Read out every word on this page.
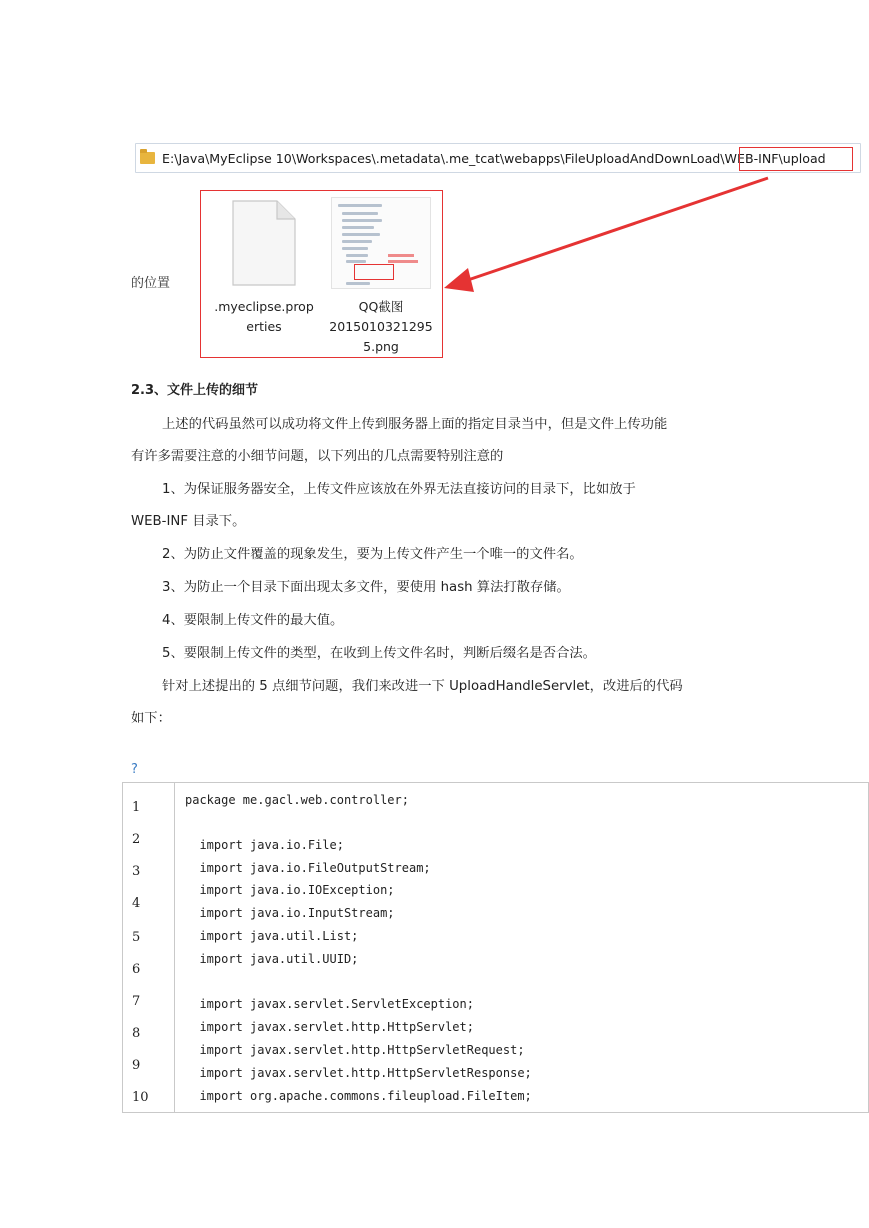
E:\Java\MyEclipse 10\Workspaces\.metadata\.me_tcat\webapps\FileUploadAndDownLoad\WEB-INF\upload
的位置
.myeclipse.prop
erties
QQ截图
2015010321295
5.png
2.3、文件上传的细节
上述的代码虽然可以成功将文件上传到服务器上面的指定目录当中，但是文件上传功能
有许多需要注意的小细节问题，以下列出的几点需要特别注意的
1、为保证服务器安全，上传文件应该放在外界无法直接访问的目录下，比如放于
WEB-INF 目录下。
2、为防止文件覆盖的现象发生，要为上传文件产生一个唯一的文件名。
3、为防止一个目录下面出现太多文件，要使用 hash 算法打散存储。
4、要限制上传文件的最大值。
5、要限制上传文件的类型，在收到上传文件名时，判断后缀名是否合法。
针对上述提出的 5 点细节问题，我们来改进一下 UploadHandleServlet，改进后的代码
如下：
?
1
2
3
4
5
6
7
8
9
10
package me.gacl.web.controller;
import java.io.File;
import java.io.FileOutputStream;
import java.io.IOException;
import java.io.InputStream;
import java.util.List;
import java.util.UUID;
import javax.servlet.ServletException;
import javax.servlet.http.HttpServlet;
import javax.servlet.http.HttpServletRequest;
import javax.servlet.http.HttpServletResponse;
import org.apache.commons.fileupload.FileItem;
